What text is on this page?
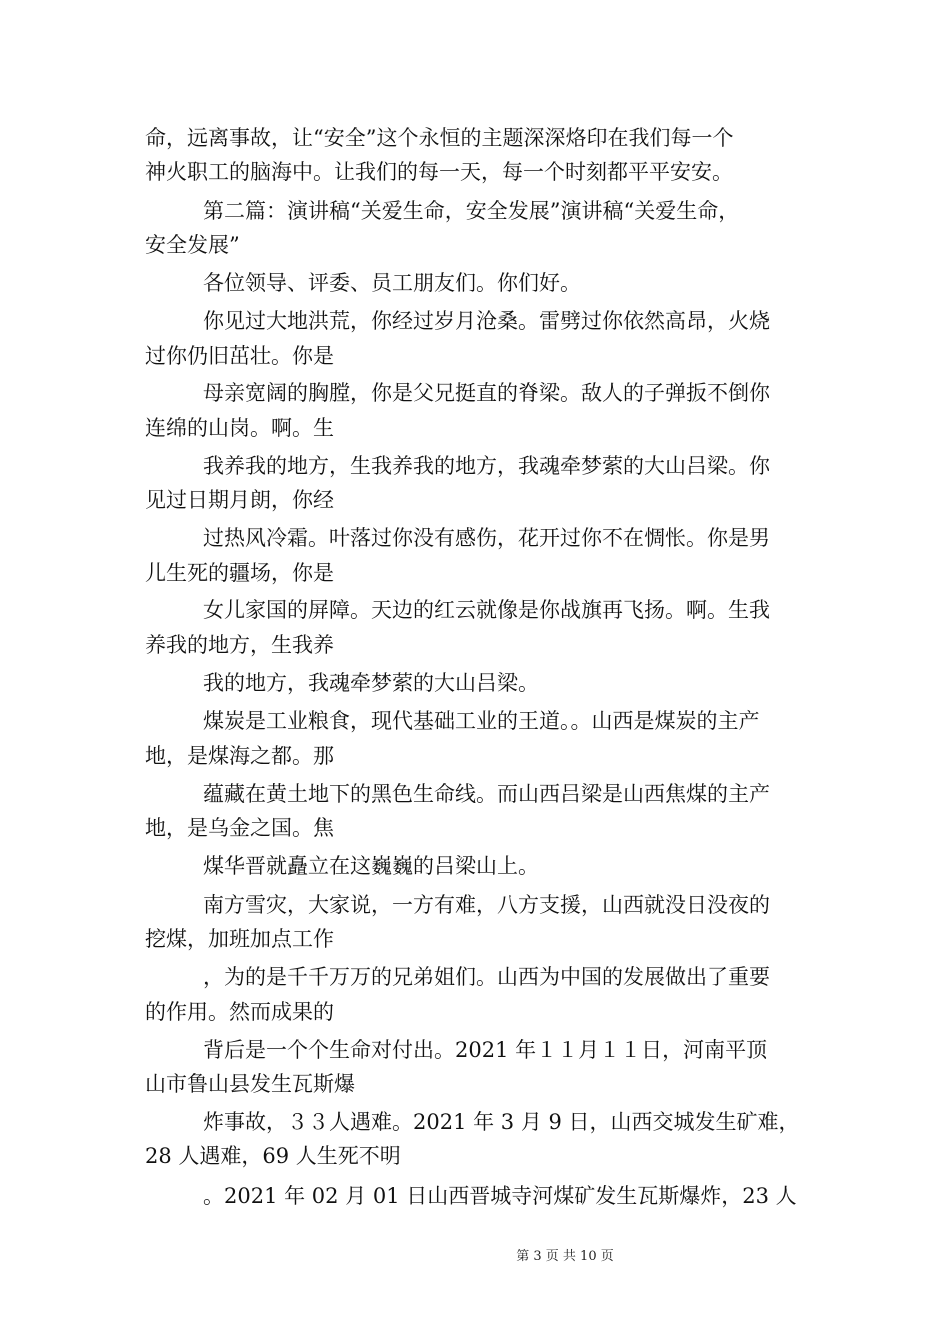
命，远离事故，让“安全”这个永恒的主题深深烙印在我们每一个
神火职工的脑海中。让我们的每一天，每一个时刻都平平安安。
第二篇：演讲稿“关爱生命，安全发展”演讲稿“关爱生命，
安全发展”
各位领导、评委、员工朋友们。你们好。
你见过大地洪荒，你经过岁月沧桑。雷劈过你依然高昂，火烧
过你仍旧茁壮。你是
母亲宽阔的胸膛，你是父兄挺直的脊梁。敌人的子弹扳不倒你
连绵的山岗。啊。生
我养我的地方，生我养我的地方，我魂牵梦萦的大山吕梁。你
见过日期月朗，你经
过热风冷霜。叶落过你没有感伤，花开过你不在惆怅。你是男
儿生死的疆场，你是
女儿家国的屏障。天边的红云就像是你战旗再飞扬。啊。生我
养我的地方，生我养
我的地方，我魂牵梦萦的大山吕梁。
煤炭是工业粮食，现代基础工业的王道。。山西是煤炭的主产
地，是煤海之都。那
蕴藏在黄土地下的黑色生命线。而山西吕梁是山西焦煤的主产
地，是乌金之国。焦
煤华晋就矗立在这巍巍的吕梁山上。
南方雪灾，大家说，一方有难，八方支援，山西就没日没夜的
挖煤，加班加点工作
，为的是千千万万的兄弟姐们。山西为中国的发展做出了重要
的作用。然而成果的
背后是一个个生命对付出。2021 年１１月１１日，河南平顶
山市鲁山县发生瓦斯爆
炸事故，３３人遇难。2021 年 3 月 9 日，山西交城发生矿难，
28 人遇难，69 人生死不明
。2021 年 02 月 01 日山西晋城寺河煤矿发生瓦斯爆炸，23 人
第 3 页 共 10 页
